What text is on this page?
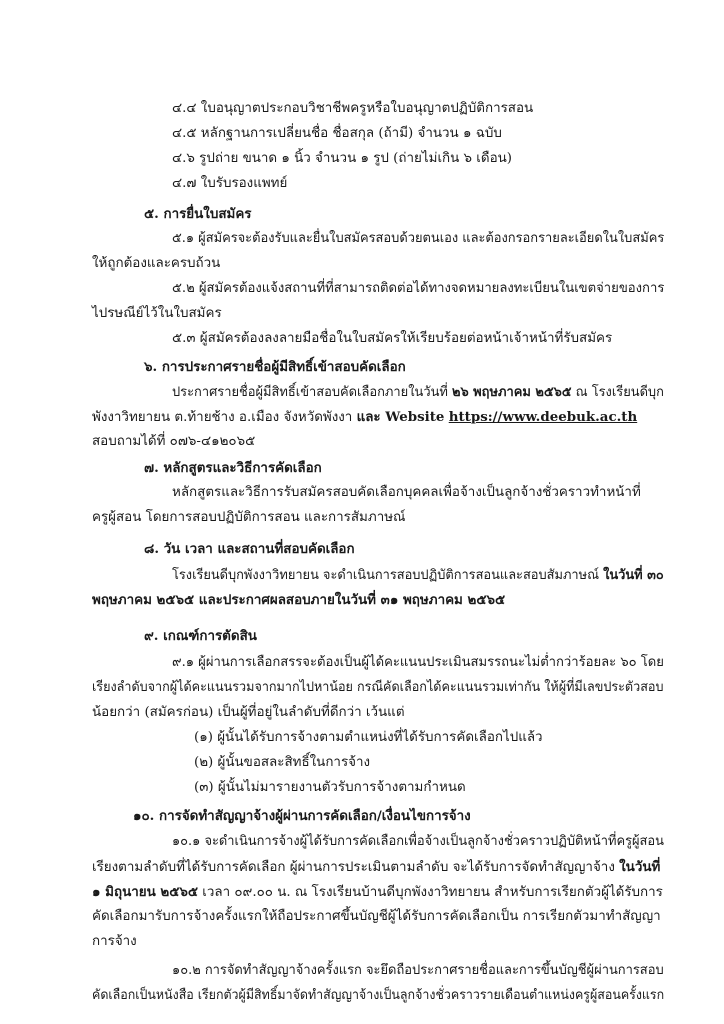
๔.๔ ใบอนุญาตประกอบวิชาชีพครูหรือใบอนุญาตปฏิบัติการสอน
๔.๕ หลักฐานการเปลี่ยนชื่อ ชื่อสกุล (ถ้ามี) จำนวน ๑ ฉบับ
๔.๖ รูปถ่าย ขนาด ๑ นิ้ว จำนวน ๑ รูป (ถ่ายไม่เกิน ๖ เดือน)
๔.๗ ใบรับรองแพทย์
๕. การยื่นใบสมัคร
๕.๑ ผู้สมัครจะต้องรับและยื่นใบสมัครสอบด้วยตนเอง และต้องกรอกรายละเอียดในใบสมัคร
ให้ถูกต้องและครบถ้วน
๕.๒ ผู้สมัครต้องแจ้งสถานที่ที่สามารถติดต่อได้ทางจดหมายลงทะเบียนในเขตจ่ายของการ
ไปรษณีย์ไว้ในใบสมัคร
๕.๓ ผู้สมัครต้องลงลายมือชื่อในใบสมัครให้เรียบร้อยต่อหน้าเจ้าหน้าที่รับสมัคร
๖. การประกาศรายชื่อผู้มีสิทธิ์เข้าสอบคัดเลือก
ประกาศรายชื่อผู้มีสิทธิ์เข้าสอบคัดเลือกภายในวันที่ ๒๖ พฤษภาคม ๒๕๖๕ ณ โรงเรียนดีบุก
พังงาวิทยายน ต.ท้ายช้าง อ.เมือง จังหวัดพังงา และ Website https://www.deebuk.ac.th
สอบถามได้ที่ ๐๗๖-๔๑๒๐๖๕
๗. หลักสูตรและวิธีการคัดเลือก
หลักสูตรและวิธีการรับสมัครสอบคัดเลือกบุคคลเพื่อจ้างเป็นลูกจ้างชั่วคราวทำหน้าที่
ครูผู้สอน โดยการสอบปฏิบัติการสอน และการสัมภาษณ์
๘. วัน เวลา และสถานที่สอบคัดเลือก
โรงเรียนดีบุกพังงาวิทยายน จะดำเนินการสอบปฏิบัติการสอนและสอบสัมภาษณ์ ในวันที่ ๓๐
พฤษภาคม ๒๕๖๕ และประกาศผลสอบภายในวันที่ ๓๑ พฤษภาคม ๒๕๖๕
๙. เกณฑ์การตัดสิน
๙.๑ ผู้ผ่านการเลือกสรรจะต้องเป็นผู้ได้คะแนนประเมินสมรรถนะไม่ต่ำกว่าร้อยละ ๖๐ โดย
เรียงลำดับจากผู้ได้คะแนนรวมจากมากไปหาน้อย กรณีคัดเลือกได้คะแนนรวมเท่ากัน ให้ผู้ที่มีเลขประตัวสอบ
น้อยกว่า (สมัครก่อน) เป็นผู้ที่อยู่ในลำดับที่ดีกว่า เว้นแต่
(๑) ผู้นั้นได้รับการจ้างตามตำแหน่งที่ได้รับการคัดเลือกไปแล้ว
(๒) ผู้นั้นขอสละสิทธิ์ในการจ้าง
(๓) ผู้นั้นไม่มารายงานตัวรับการจ้างตามกำหนด
๑๐. การจัดทำสัญญาจ้างผู้ผ่านการคัดเลือก/เงื่อนไขการจ้าง
๑๐.๑ จะดำเนินการจ้างผู้ได้รับการคัดเลือกเพื่อจ้างเป็นลูกจ้างชั่วคราวปฏิบัติหน้าที่ครูผู้สอน
เรียงตามลำดับที่ได้รับการคัดเลือก ผู้ผ่านการประเมินตามลำดับ จะได้รับการจัดทำสัญญาจ้าง ในวันที่
๑ มิถุนายน ๒๕๖๕ เวลา ๐๙.๐๐ น. ณ โรงเรียนบ้านดีบุกพังงาวิทยายน สำหรับการเรียกตัวผู้ได้รับการ
คัดเลือกมารับการจ้างครั้งแรกให้ถือประกาศขึ้นบัญชีผู้ได้รับการคัดเลือกเป็น การเรียกตัวมาทำสัญญา
การจ้าง
๑๐.๒ การจัดทำสัญญาจ้างครั้งแรก จะยึดถือประกาศรายชื่อและการขึ้นบัญชีผู้ผ่านการสอบ
คัดเลือกเป็นหนังสือ เรียกตัวผู้มีสิทธิ์มาจัดทำสัญญาจ้างเป็นลูกจ้างชั่วคราวรายเดือนตำแหน่งครูผู้สอนครั้งแรก
